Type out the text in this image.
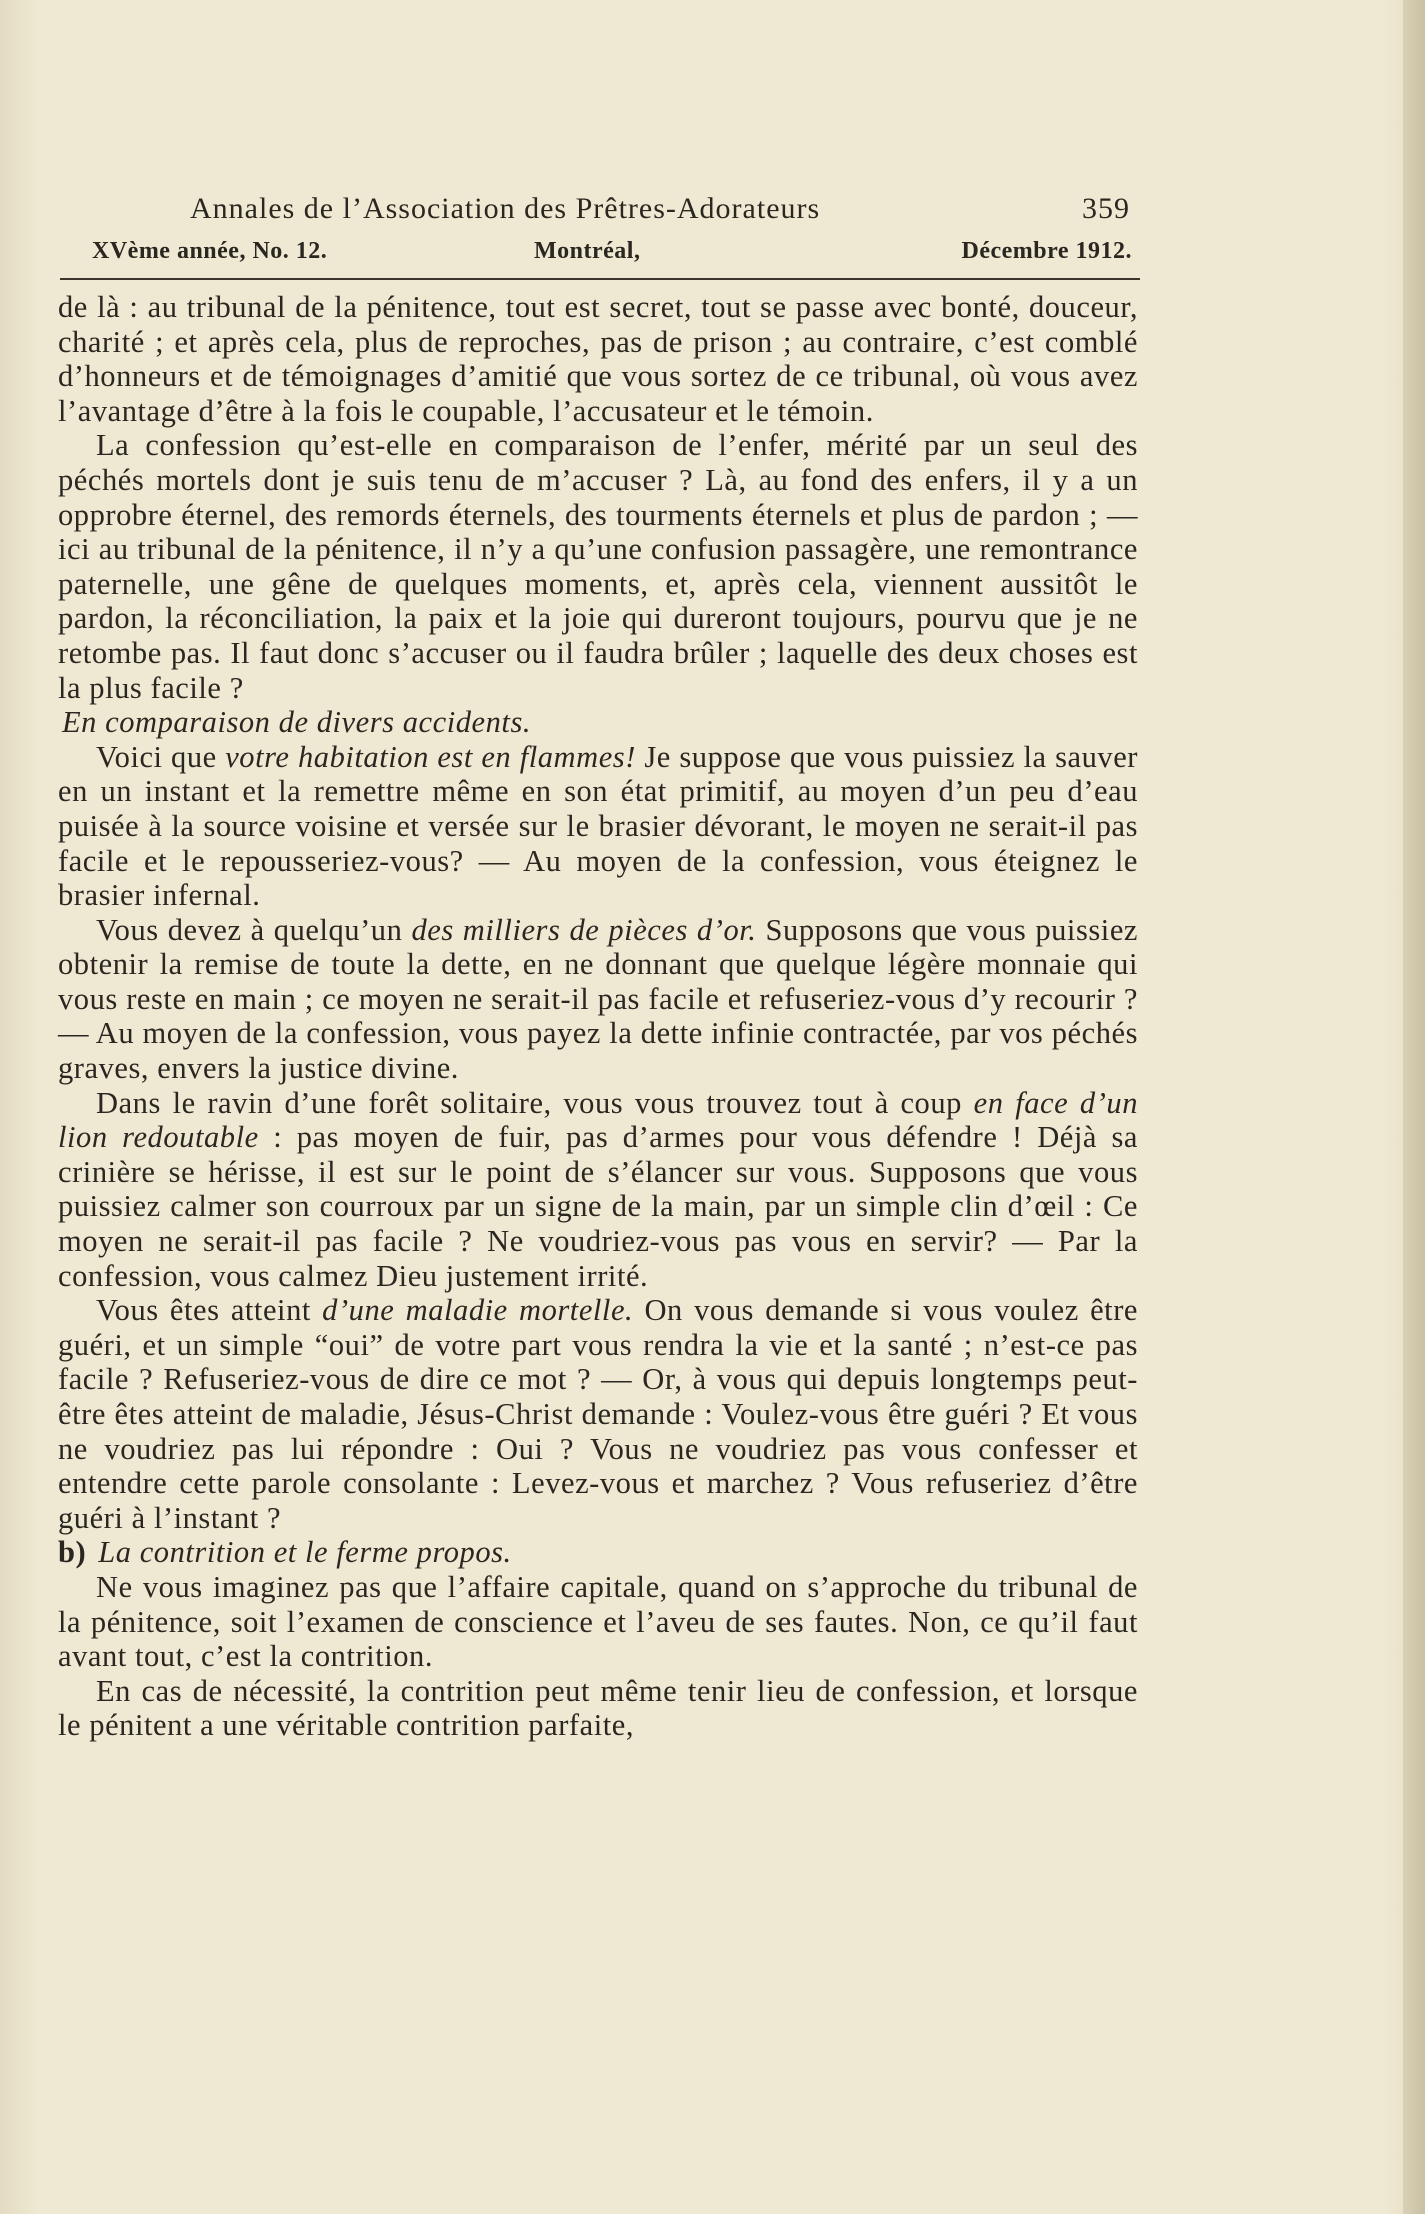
Annales de l’Association des Prêtres-Adorateurs	359
XVème année, No. 12.	Montréal,	Décembre 1912.

de là : au tribunal de la pénitence, tout est secret, tout se passe avec bonté, douceur, charité ; et après cela, plus de reproches, pas de prison ; au contraire, c’est comblé d’honneurs et de témoignages d’amitié que vous sortez de ce tribunal, où vous avez l’avantage d’être à la fois le coupable, l’accusateur et le témoin.

La confession qu’est-elle en comparaison de l’enfer, mérité par un seul des péchés mortels dont je suis tenu de m’accuser ? Là, au fond des enfers, il y a un opprobre éternel, des remords éternels, des tourments éternels et plus de pardon ; — ici au tribunal de la pénitence, il n’y a qu’une confusion passagère, une remontrance paternelle, une gêne de quelques moments, et, après cela, viennent aussitôt le pardon, la réconciliation, la paix et la joie qui dureront toujours, pourvu que je ne retombe pas. Il faut donc s’accuser ou il faudra brûler ; laquelle des deux choses est la plus facile ?

En comparaison de divers accidents.

Voici que votre habitation est en flammes! Je suppose que vous puissiez la sauver en un instant et la remettre même en son état primitif, au moyen d’un peu d’eau puisée à la source voisine et versée sur le brasier dévorant, le moyen ne serait-il pas facile et le repousseriez-vous? — Au moyen de la confession, vous éteignez le brasier infernal.

Vous devez à quelqu’un des milliers de pièces d’or. Supposons que vous puissiez obtenir la remise de toute la dette, en ne donnant que quelque légère monnaie qui vous reste en main ; ce moyen ne serait-il pas facile et refuseriez-vous d’y recourir ? — Au moyen de la confession, vous payez la dette infinie contractée, par vos péchés graves, envers la justice divine.

Dans le ravin d’une forêt solitaire, vous vous trouvez tout à coup en face d’un lion redoutable : pas moyen de fuir, pas d’armes pour vous défendre ! Déjà sa crinière se hérisse, il est sur le point de s’élancer sur vous. Supposons que vous puissiez calmer son courroux par un signe de la main, par un simple clin d’œil : Ce moyen ne serait-il pas facile ? Ne voudriez-vous pas vous en servir? — Par la confession, vous calmez Dieu justement irrité.

Vous êtes atteint d’une maladie mortelle. On vous demande si vous voulez être guéri, et un simple “oui” de votre part vous rendra la vie et la santé ; n’est-ce pas facile ? Refuseriez-vous de dire ce mot ? — Or, à vous qui depuis longtemps peut-être êtes atteint de maladie, Jésus-Christ demande : Voulez-vous être guéri ? Et vous ne voudriez pas lui répondre : Oui ? Vous ne voudriez pas vous confesser et entendre cette parole consolante : Levez-vous et marchez ? Vous refuseriez d’être guéri à l’instant ?

b) La contrition et le ferme propos.

Ne vous imaginez pas que l’affaire capitale, quand on s’approche du tribunal de la pénitence, soit l’examen de conscience et l’aveu de ses fautes. Non, ce qu’il faut avant tout, c’est la contrition.

En cas de nécessité, la contrition peut même tenir lieu de confession, et lorsque le pénitent a une véritable contrition parfaite,
